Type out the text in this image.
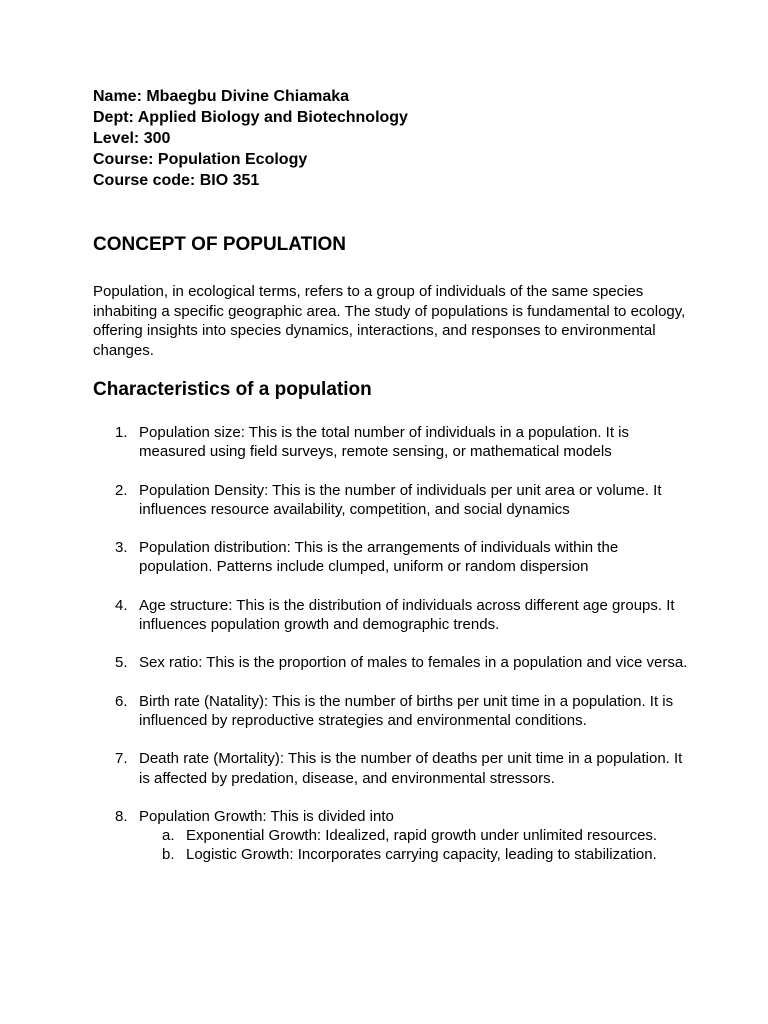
Name: Mbaegbu Divine Chiamaka
Dept: Applied Biology and Biotechnology
Level: 300
Course: Population Ecology
Course code: BIO 351
CONCEPT OF POPULATION

Population, in ecological terms, refers to a group of individuals of the same species inhabiting a specific geographic area. The study of populations is fundamental to ecology, offering insights into species dynamics, interactions, and responses to environmental changes.

Characteristics of a population
1. Population size: This is the total number of individuals in a population. It is measured using field surveys, remote sensing, or mathematical models
2. Population Density: This is the number of individuals per unit area or volume. It influences resource availability, competition, and social dynamics
3. Population distribution: This is the arrangements of individuals within the population. Patterns include clumped, uniform or random dispersion
4. Age structure: This is the distribution of individuals across different age groups. It influences population growth and demographic trends.
5. Sex ratio: This is the proportion of males to females in a population and vice versa.
6. Birth rate (Natality): This is the number of births per unit time in a population. It is influenced by reproductive strategies and environmental conditions.
7. Death rate (Mortality): This is the number of deaths per unit time in a population. It is affected by predation, disease, and environmental stressors.
8. Population Growth: This is divided into
a. Exponential Growth: Idealized, rapid growth under unlimited resources.
b. Logistic Growth: Incorporates carrying capacity, leading to stabilization.
